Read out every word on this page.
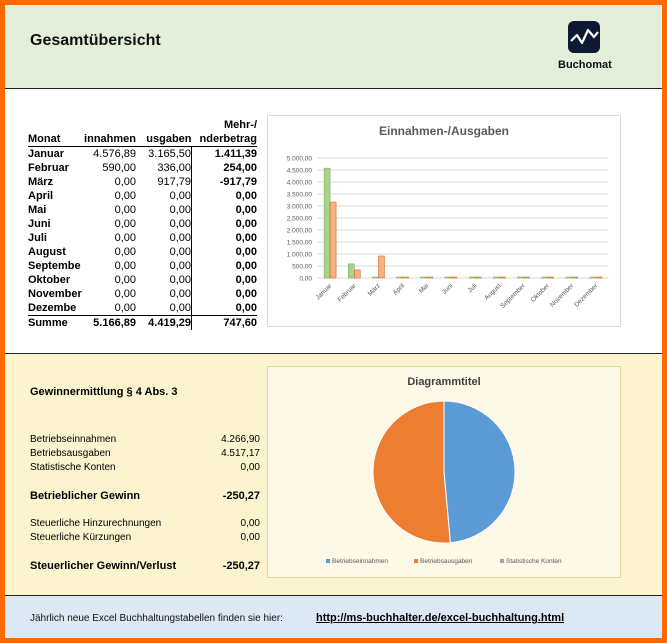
Gesamtübersicht
Buchomat
			Mehr-/
Monat	innahmen	usgaben	nderbetrag
Januar	4.576,89	3.165,50	1.411,39
Februar	590,00	336,00	254,00
März	0,00	917,79	-917,79
April	0,00	0,00	0,00
Mai	0,00	0,00	0,00
Juni	0,00	0,00	0,00
Juli	0,00	0,00	0,00
August	0,00	0,00	0,00
Septembe	0,00	0,00	0,00
Oktober	0,00	0,00	0,00
November	0,00	0,00	0,00
Dezembe	0,00	0,00	0,00
Summe	5.166,89	4.419,29	747,60
Einnahmen-/Ausgaben
0,00
500,00
1.000,00
1.500,00
2.000,00
2.500,00
3.000,00
3.500,00
4.000,00
4.500,00
5.000,00
Januar Februar März April Mai Juni Juli August
September Oktober
November
Dezember
Gewinnermittlung § 4 Abs. 3
Betriebseinnahmen	4.266,90
Betriebsausgaben	4.517,17
Statistische Konten	0,00
Betrieblicher Gewinn	-250,27
Steuerliche Hinzurechnungen	0,00
Steuerliche Kürzungen	0,00
Steuerlicher Gewinn/Verlust	-250,27
Diagrammtitel
Betriebseinnahmen	Betriebsausgaben	Statistische Konten
Jährlich neue Excel Buchhaltungstabellen finden sie hier:	http://ms-buchhalter.de/excel-buchhaltung.html
